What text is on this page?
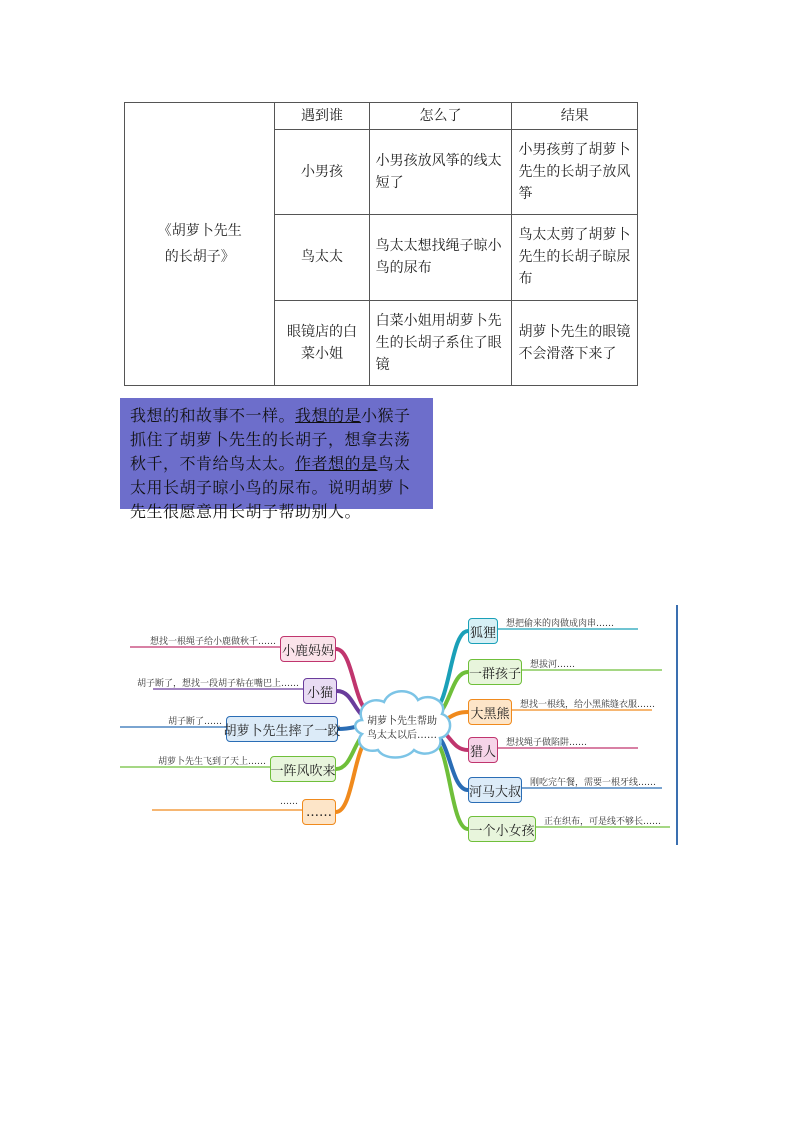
《胡萝卜先生
的长胡子》	遇到谁	怎么了	结果
	小男孩	小男孩放风筝的线太短了	小男孩剪了胡萝卜先生的长胡子放风筝
	鸟太太	鸟太太想找绳子晾小鸟的尿布	鸟太太剪了胡萝卜先生的长胡子晾尿布
	眼镜店的白菜小姐	白菜小姐用胡萝卜先生的长胡子系住了眼镜	胡萝卜先生的眼镜不会滑落下来了
我想的和故事不一样。我想的是小猴子抓住了胡萝卜先生的长胡子，想拿去荡秋千，不肯给鸟太太。作者想的是鸟太太用长胡子晾小鸟的尿布。说明胡萝卜先生很愿意用长胡子帮助别人。
想找一根绳子给小鹿做秋千……
胡子断了，想找一段胡子粘在嘴巴上……
胡子断了……
胡萝卜先生飞到了天上……
……
想把偷来的肉做成肉串……
想拔河……
想找一根线，给小黑熊缝衣服……
想找绳子做陷阱……
刚吃完午餐，需要一根牙线……
正在织布，可是线不够长……
小鹿妈妈
小猫
胡萝卜先生摔了一跤
一阵风吹来
……
狐狸
一群孩子
大黑熊
猎人
河马大叔
一个小女孩
胡萝卜先生帮助
鸟太太以后……
